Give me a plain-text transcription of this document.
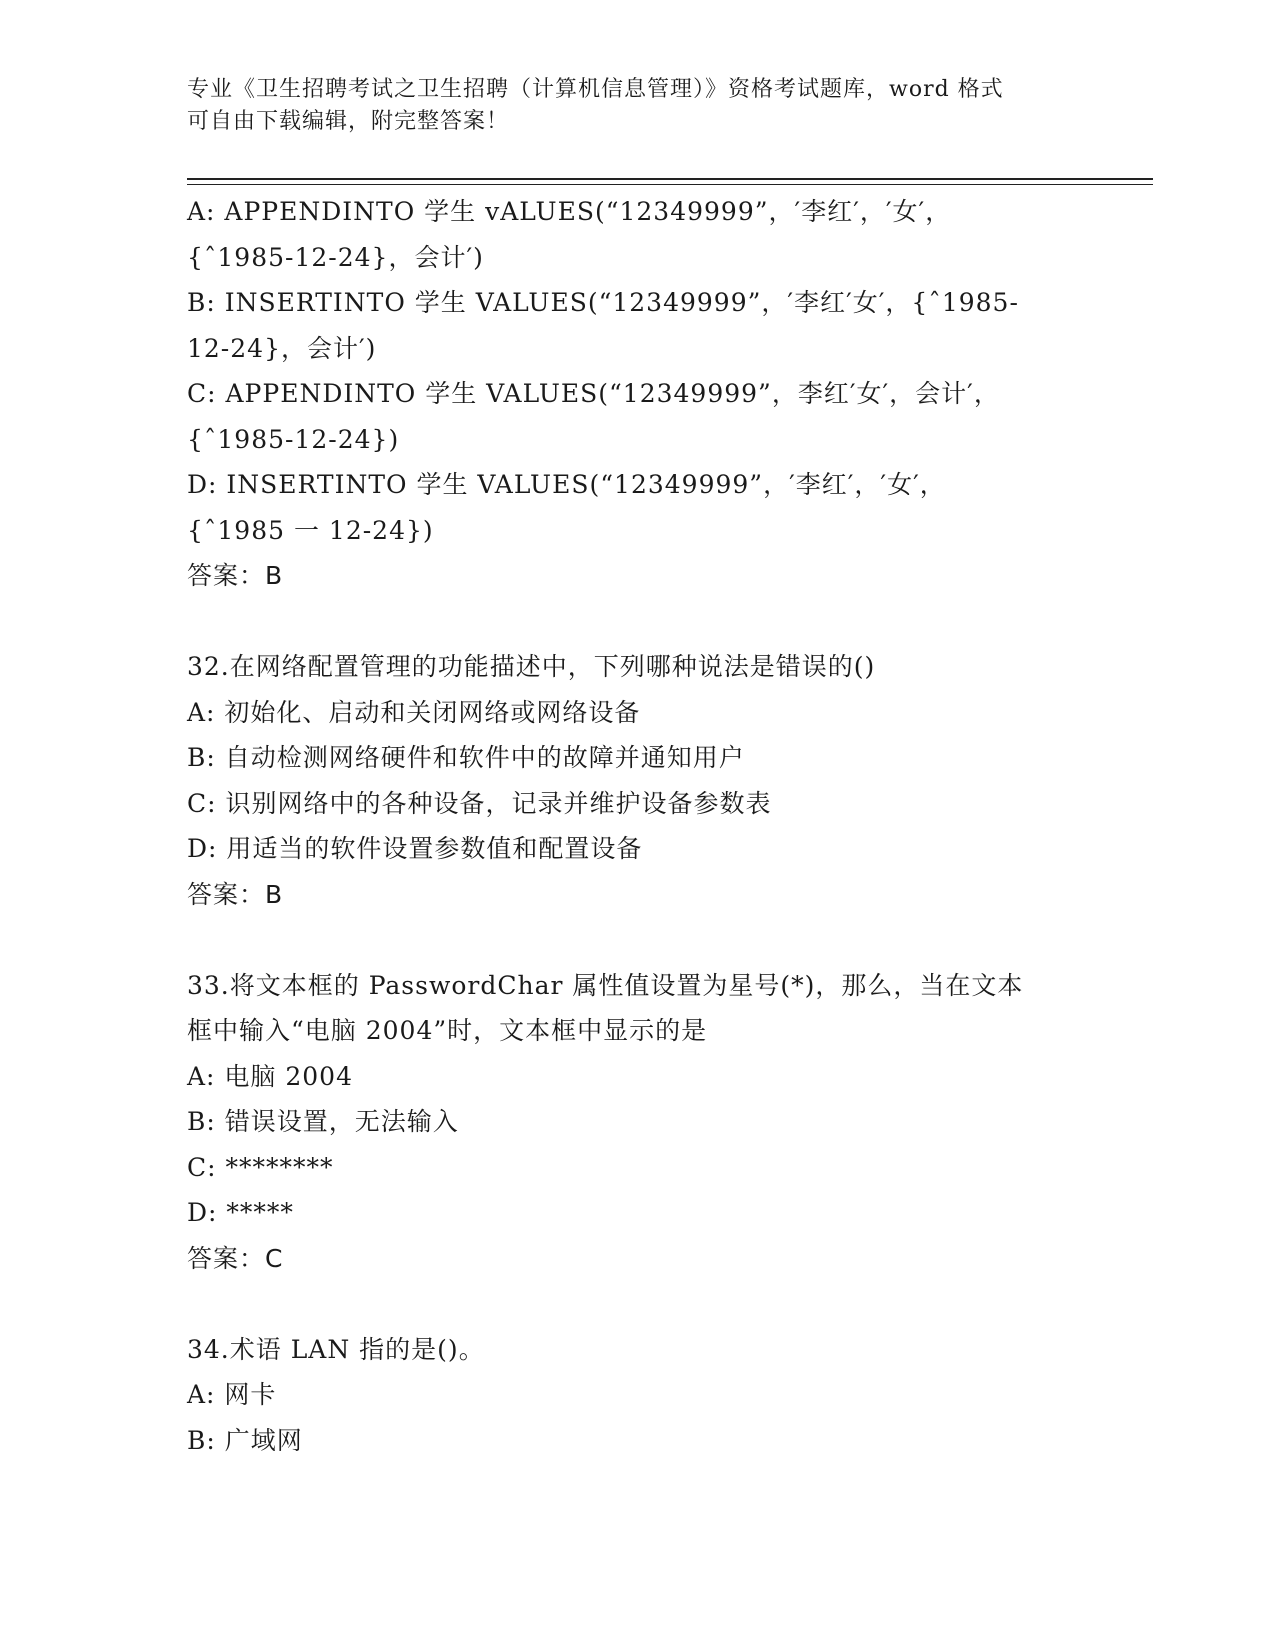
专业《卫生招聘考试之卫生招聘（计算机信息管理）》资格考试题库，word 格式
可自由下载编辑，附完整答案！
A: APPENDINTO 学生 vALUES(“12349999”，′李红′，′女′，
{ˆ1985-12-24}，会计′)
B: INSERTINTO 学生 VALUES(“12349999”，′李红′女′，{ˆ1985-
12-24}，会计′)
C: APPENDINTO 学生 VALUES(“12349999”，李红′女′，会计′，
{ˆ1985-12-24})
D: INSERTINTO 学生 VALUES(“12349999”，′李红′，′女′，
{ˆ1985 一 12-24})
答案：B
32.在网络配置管理的功能描述中，下列哪种说法是错误的()
A: 初始化、启动和关闭网络或网络设备
B: 自动检测网络硬件和软件中的故障并通知用户
C: 识别网络中的各种设备，记录并维护设备参数表
D: 用适当的软件设置参数值和配置设备
答案：B
33.将文本框的 PasswordChar 属性值设置为星号(*)，那么，当在文本
框中输入“电脑 2004”时，文本框中显示的是
A: 电脑 2004
B: 错误设置，无法输入
C: ********
D: *****
答案：C
34.术语 LAN 指的是()。
A: 网卡
B: 广域网
